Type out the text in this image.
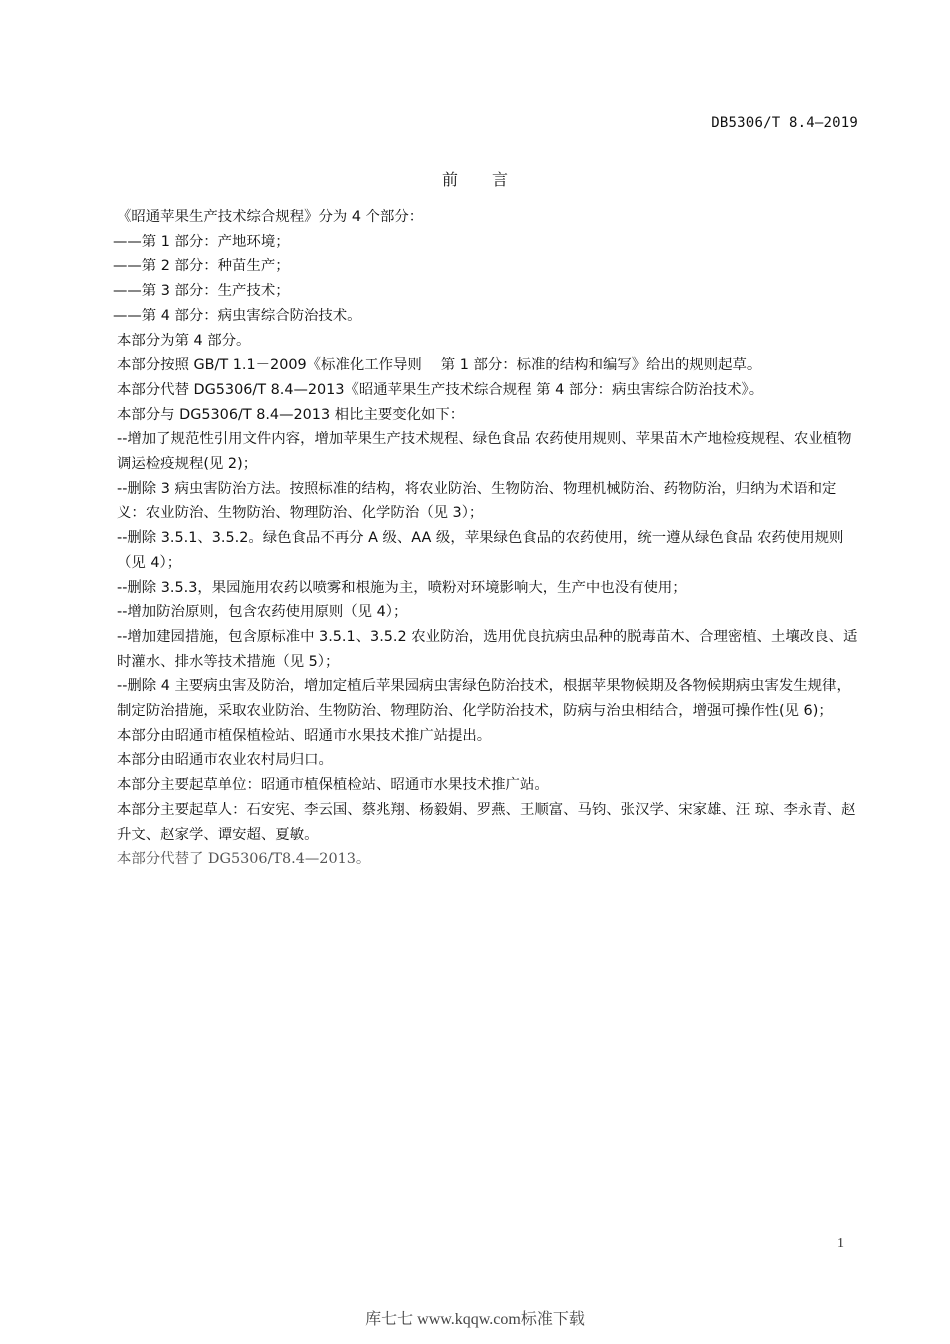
DB5306/T 8.4—2019
前言
《昭通苹果生产技术综合规程》分为 4 个部分：
——第 1 部分：产地环境；
——第 2 部分：种苗生产；
——第 3 部分：生产技术；
——第 4 部分：病虫害综合防治技术。
本部分为第 4 部分。
本部分按照 GB/T 1.1－2009《标准化工作导则　 第 1 部分：标准的结构和编写》给出的规则起草。
本部分代替 DG5306/T 8.4—2013《昭通苹果生产技术综合规程 第 4 部分：病虫害综合防治技术》。
本部分与 DG5306/T 8.4—2013 相比主要变化如下：
--增加了规范性引用文件内容，增加苹果生产技术规程、绿色食品 农药使用规则、苹果苗木产地检疫规程、农业植物调运检疫规程(见 2)；
--删除 3 病虫害防治方法。按照标准的结构，将农业防治、生物防治、物理机械防治、药物防治，归纳为术语和定义：农业防治、生物防治、物理防治、化学防治（见 3）；
--删除 3.5.1、3.5.2。绿色食品不再分 A 级、AA 级，苹果绿色食品的农药使用，统一遵从绿色食品 农药使用规则（见 4）；
--删除 3.5.3，果园施用农药以喷雾和根施为主，喷粉对环境影响大，生产中也没有使用；
--增加防治原则，包含农药使用原则（见 4）；
--增加建园措施，包含原标准中 3.5.1、3.5.2 农业防治，选用优良抗病虫品种的脱毒苗木、合理密植、土壤改良、适时灌水、排水等技术措施（见 5）；
--删除 4 主要病虫害及防治，增加定植后苹果园病虫害绿色防治技术，根据苹果物候期及各物候期病虫害发生规律，制定防治措施，采取农业防治、生物防治、物理防治、化学防治技术，防病与治虫相结合，增强可操作性(见 6)；
本部分由昭通市植保植检站、昭通市水果技术推广站提出。
本部分由昭通市农业农村局归口。
本部分主要起草单位：昭通市植保植检站、昭通市水果技术推广站。
本部分主要起草人：石安宪、李云国、蔡兆翔、杨毅娟、罗燕、王顺富、马钧、张汉学、宋家雄、汪 琼、李永青、赵升文、赵家学、谭安超、夏敏。
本部分代替了 DG5306/T8.4—2013。
1
库七七 www.kqqw.com标准下载
